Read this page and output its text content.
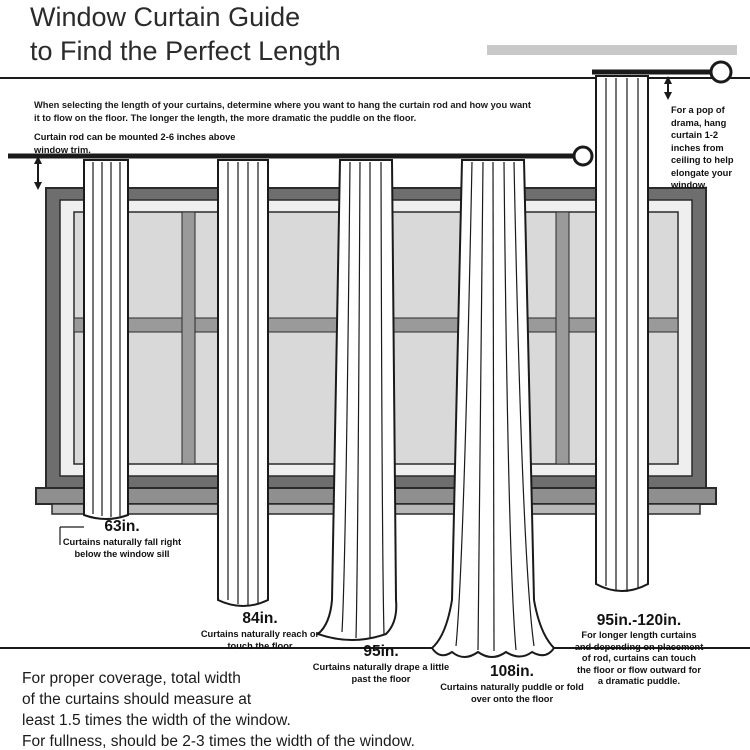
Window Curtain Guide
to Find the Perfect Length
When selecting the length of your curtains, determine where you want to hang the curtain rod and how you want it to flow on the floor. The longer the length, the more dramatic the puddle on the floor.
Curtain rod can be mounted 2-6 inches above window trim.
For a pop of drama, hang curtain 1-2 inches from ceiling to help elongate your window.
63in.
Curtains naturally fall right below the window sill
84in.
Curtains naturally reach or touch the floor	95in.
Curtains naturally drape a little past the floor	108in.
Curtains naturally puddle or fold over onto the floor
95in.-120in.
For longer length curtains and depending on placement of rod, curtains can touch the floor or flow outward for a dramatic puddle.
For proper coverage, total width
of the curtains should measure at
least 1.5 times the width of the window.
For fullness, should be 2-3 times the width of the window.
